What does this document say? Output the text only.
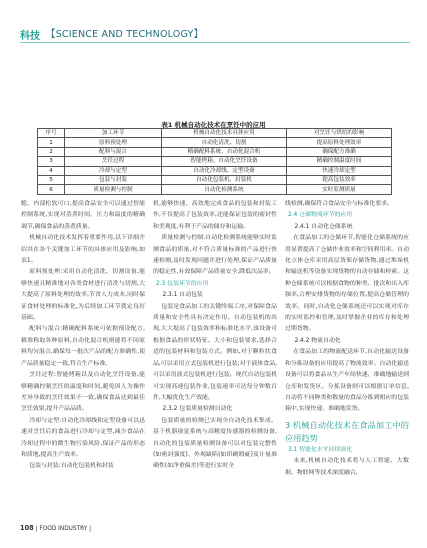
科技 【SCIENCE AND TECHNOLOGY】
表1 机械自动化技术在烹饪中的应用
序号	加工环节	机械自动化技术具体应用	对烹饪与烘焙的影响
1	原料预处理	自动化清洗、切割	提高原料处理效率
2	配料与混合	精确配料系统、自动化混合机	确保配方准确
3	烹饪过程	智能烤箱、自动化烹饪设备	精确控制温度时间
4	冷却与定型	自动化冷却线、定型设备	快速冷却定型
5	包装与封装	自动化包装机、封装机	提高包装效率
6	质量检测与控制	自动化检测系统	实时监测质量

脆、内部松软可口,提高食品安全可以通过智能控制系统,实现对蒸煮时间、压力和温度的精确调节,确保食品的蒸煮质量。

机械自动化技术发挥着重要作用,以下详细介绍其在各个关键加工环节的具体应用及影响,如表1。

原料预处理:采用自动化清洗、切割设备,能够快速且精准地对各类食材进行清洗与切割,大大提高了原料处理的效率,节省人力成本,同时保证食材处理的标准化,为后续加工环节奠定良好基础。

配料与混合:精确配料系统可依据预设配方,精准称取各种原料,自动化混合机则能将不同原料均匀混合,确保每一批次产品的配方准确性,使产品质量稳定一致,符合生产标准。

烹饪过程:智能烤箱以及自动化烹饪设备,能够精确控制烹饪的温度和时间,避免因人为操作差异导致的烹饪效果不一致,确保食品达到最佳烹饪效果,提升产品品质。

冷却与定型:自动化冷却线和定型设备可以迅速对烹饪后的食品进行冷却与定型,减少食品在冷却过程中的微生物污染风险,保证产品的形态和质地,提高生产效率。

包装与封装:自动化包装机和封装

机,能够快速、高效地完成食品的包装和封装工作,不仅提高了包装效率,还能保证包装的密封性和美观度,有利于产品的储存和运输。

质量检测与控制:自动化检测系统能够实时监测食品的质量,对不符合质量标准的产品进行快速检测,及时发现问题并进行处理,保证产品质量的稳定性,有效保障产品质量安全,降低次品率。

2.3 包装环节的应用

2.3.1 自动包装

包装是食品加工的关键终端工序,对保障食品质量和安全性具有决定作用。自动包装机的出现,大大提高了包装效率和标准化水平,该设备可根据食品的形状特征、大小和包装要求,选择合适的包装材料和包装方式。例如,对于颗粒状食品,可以采用立式包装机进行包装;对于液体食品,可以采用液式包装机进行包装。现代自动包装机可实现高速包装作业,包装速率可达每分钟数百件,大幅优化生产效能。

2.3.2 包装质量检测自动化

包装质量的检测已实现全自动化技术集成。基于机器视觉系统与高精度传感器的检测设备,自动化的包装质量检测设备可以对包装完整性(如密封强度)、外观缺陷(如印刷瑕疵)及计量准确性(如净重偏差)等进行实时全

线检测,确保符合食品安全与标准化要求。

2.4 仓储物流环节的应用

2.4.1 自动化仓储系统

在食品加工的仓储环节,智能化仓储系统的应用显著提高了仓储作业效率和空间利用率。自动化立体仓库采用高层货架存储货物,通过堆垛机和输送机等设备实现货物的自动存储和检索。这种仓储系统可以根据食物的种类、批次和出入库频率,合理安排货物的存储位置,提高仓储管理的效率。同时,自动化仓储系统还可以实现对库存的实时监控和管理,及时掌握企业的库存和处理过期货物。

2.4.2 物流自动化

在食品加工的物流配送环节,自动化输送设备和分拣设备的应用提高了物流效率。自动化输送设备可以将食品从生产车间快速、准确地输送到仓库和发货区。分拣设备则可以根据订单信息,自动将不同种类和数量的食品分拣到相应的包装箱中,实现快速、准确地发货。

3 机械自动化技术在食品加工中的应用趋势

3.1 智能化水平持续深化

未来,机械自动化技术将与人工智能、大数据、物联网等技术深度融合,

108 | FOOD INDUSTRY |
